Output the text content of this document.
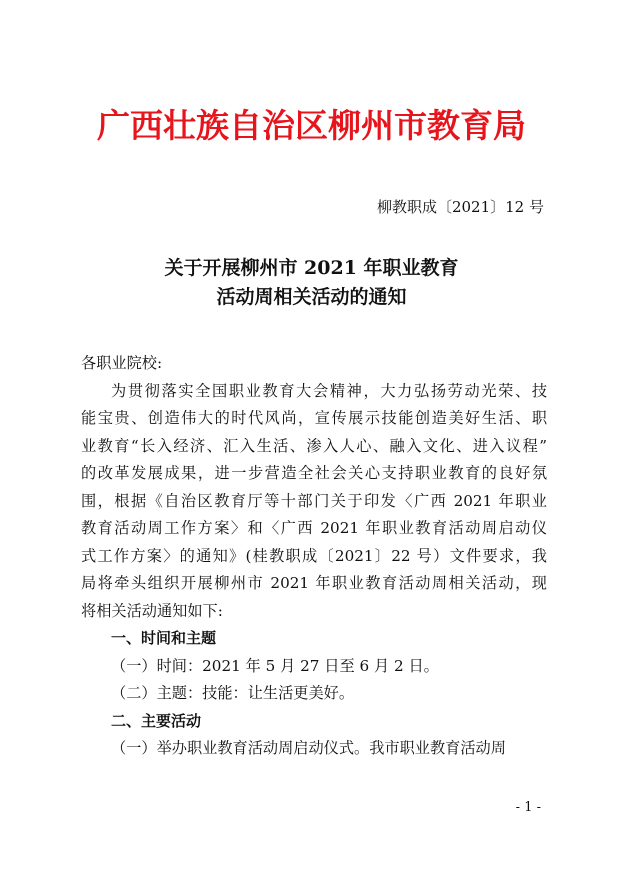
广西壮族自治区柳州市教育局
柳教职成〔2021〕12 号
关于开展柳州市 2021 年职业教育
活动周相关活动的通知
各职业院校:
为贯彻落实全国职业教育大会精神，大力弘扬劳动光荣、技
能宝贵、创造伟大的时代风尚，宣传展示技能创造美好生活、职
业教育“长入经济、汇入生活、渗入人心、融入文化、进入议程”
的改革发展成果，进一步营造全社会关心支持职业教育的良好氛
围，根据《自治区教育厅等十部门关于印发〈广西 2021 年职业
教育活动周工作方案〉和〈广西 2021 年职业教育活动周启动仪
式工作方案〉的通知》(桂教职成〔2021〕22 号）文件要求，我
局将牵头组织开展柳州市 2021 年职业教育活动周相关活动，现
将相关活动通知如下:
一、时间和主题
（一）时间：2021 年 5 月 27 日至 6 月 2 日。
（二）主题：技能：让生活更美好。
二、主要活动
（一）举办职业教育活动周启动仪式。我市职业教育活动周
- 1 -
